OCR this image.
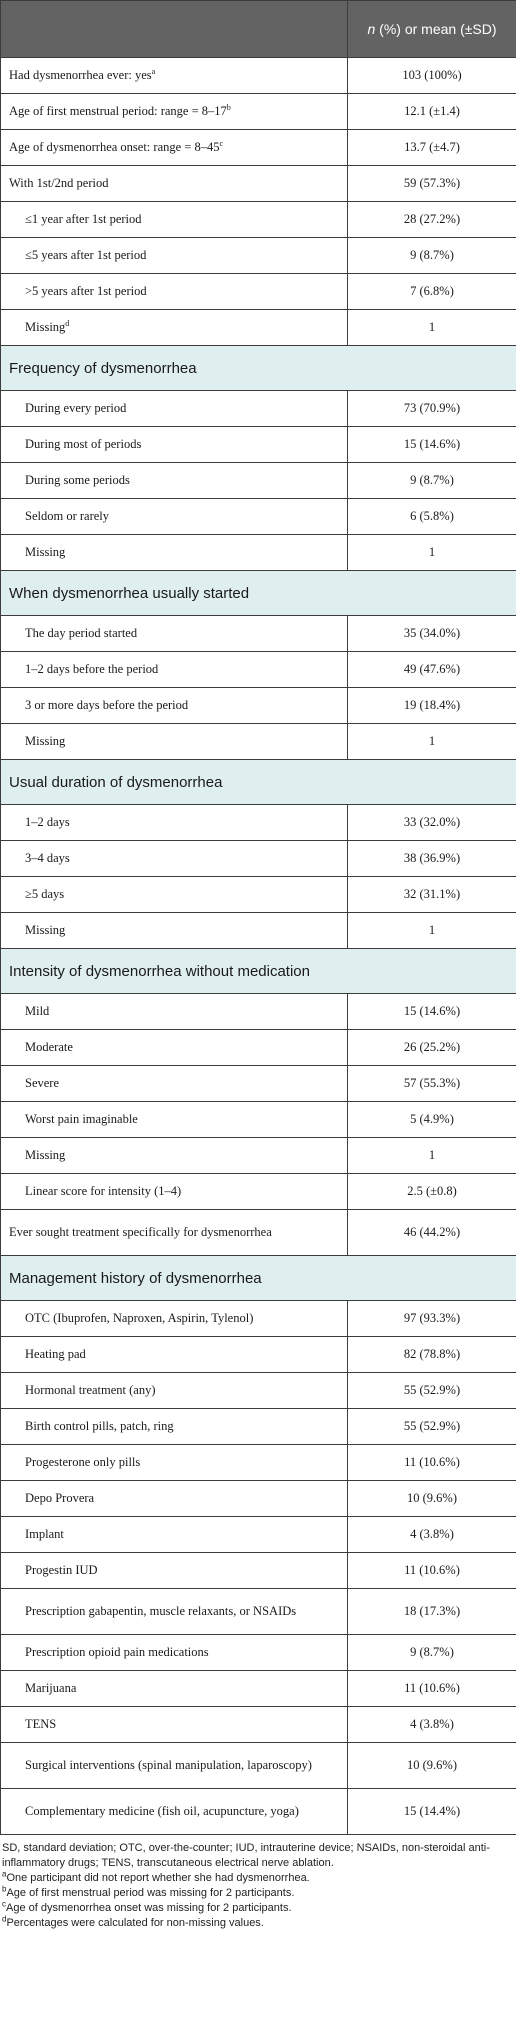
	n (%) or mean (±SD)
Had dysmenorrhea ever: yes$^a$	103 (100%)
Age of first menstrual period: range = $8-17^b$	12.1 (±1.4)
Age of dysmenorrhea onset: range = $8-45^c$	13.7 (±4.7)
With 1st/2nd period	59 (57.3%)
≤1 year after 1st period	28 (27.2%)
≤5 years after 1st period	9 (8.7%)
>5 years after 1st period	7 (6.8%)
Missing$^d$	1
Frequency of dysmenorrhea	
During every period	73 (70.9%)
During most of periods	15 (14.6%)
During some periods	9 (8.7%)
Seldom or rarely	6 (5.8%)
Missing	1
When dysmenorrhea usually started	
The day period started	35 (34.0%)
1–2 days before the period	49 (47.6%)
3 or more days before the period	19 (18.4%)
Missing	1
Usual duration of dysmenorrhea	
1–2 days	33 (32.0%)
3–4 days	38 (36.9%)
≥5 days	32 (31.1%)
Missing	1
Intensity of dysmenorrhea without medication	
Mild	15 (14.6%)
Moderate	26 (25.2%)
Severe	57 (55.3%)
Worst pain imaginable	5 (4.9%)
Missing	1
Linear score for intensity (1–4)	2.5 (±0.8)
Ever sought treatment specifically for dysmenorrhea	46 (44.2%)
Management history of dysmenorrhea	
OTC (Ibuprofen, Naproxen, Aspirin, Tylenol)	97 (93.3%)
Heating pad	82 (78.8%)
Hormonal treatment (any)	55 (52.9%)
Birth control pills, patch, ring	55 (52.9%)
Progesterone only pills	11 (10.6%)
Depo Provera	10 (9.6%)
Implant	4 (3.8%)
Progestin IUD	11 (10.6%)
Prescription gabapentin, muscle relaxants, or NSAIDs	18 (17.3%)
Prescription opioid pain medications	9 (8.7%)
Marijuana	11 (10.6%)
TENS	4 (3.8%)
Surgical interventions (spinal manipulation, laparoscopy)	10 (9.6%)
Complementary medicine (fish oil, acupuncture, yoga)	15 (14.4%)

SD, standard deviation; OTC, over-the-counter; IUD, intrauterine device; NSAIDs, non-steroidal anti-inflammatory drugs; TENS, transcutaneous electrical nerve ablation.

$^a$One participant did not report whether she had dysmenorrhea.

$^b$Age of first menstrual period was missing for 2 participants.

$^c$Age of dysmenorrhea onset was missing for 2 participants.

$^d$Percentages were calculated for non-missing values.
